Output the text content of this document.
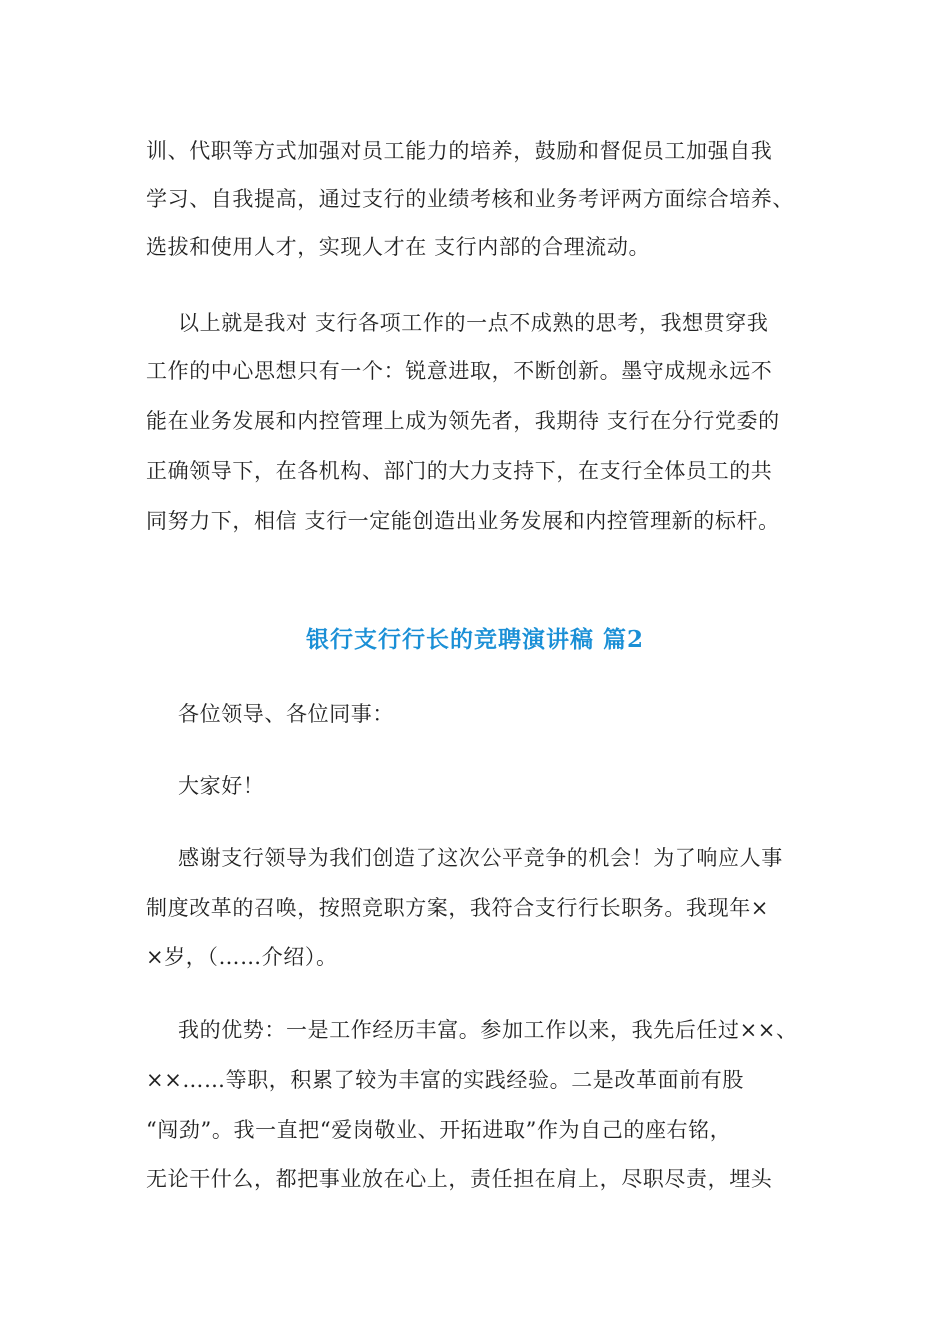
训、代职等方式加强对员工能力的培养，鼓励和督促员工加强自我
学习、自我提高，通过支行的业绩考核和业务考评两方面综合培养、
选拔和使用人才，实现人才在 支行内部的合理流动。
以上就是我对 支行各项工作的一点不成熟的思考，我想贯穿我
工作的中心思想只有一个：锐意进取，不断创新。墨守成规永远不
能在业务发展和内控管理上成为领先者，我期待 支行在分行党委的
正确领导下，在各机构、部门的大力支持下，在支行全体员工的共
同努力下，相信 支行一定能创造出业务发展和内控管理新的标杆。
银行支行行长的竞聘演讲稿 篇2
各位领导、各位同事：
大家好！
感谢支行领导为我们创造了这次公平竞争的机会！为了响应人事
制度改革的召唤，按照竞职方案，我符合支行行长职务。我现年×
×岁，（……介绍）。
我的优势：一是工作经历丰富。参加工作以来，我先后任过××、
××……等职，积累了较为丰富的实践经验。二是改革面前有股
“闯劲”。我一直把“爱岗敬业、开拓进取”作为自己的座右铭，
无论干什么，都把事业放在心上，责任担在肩上，尽职尽责，埋头
